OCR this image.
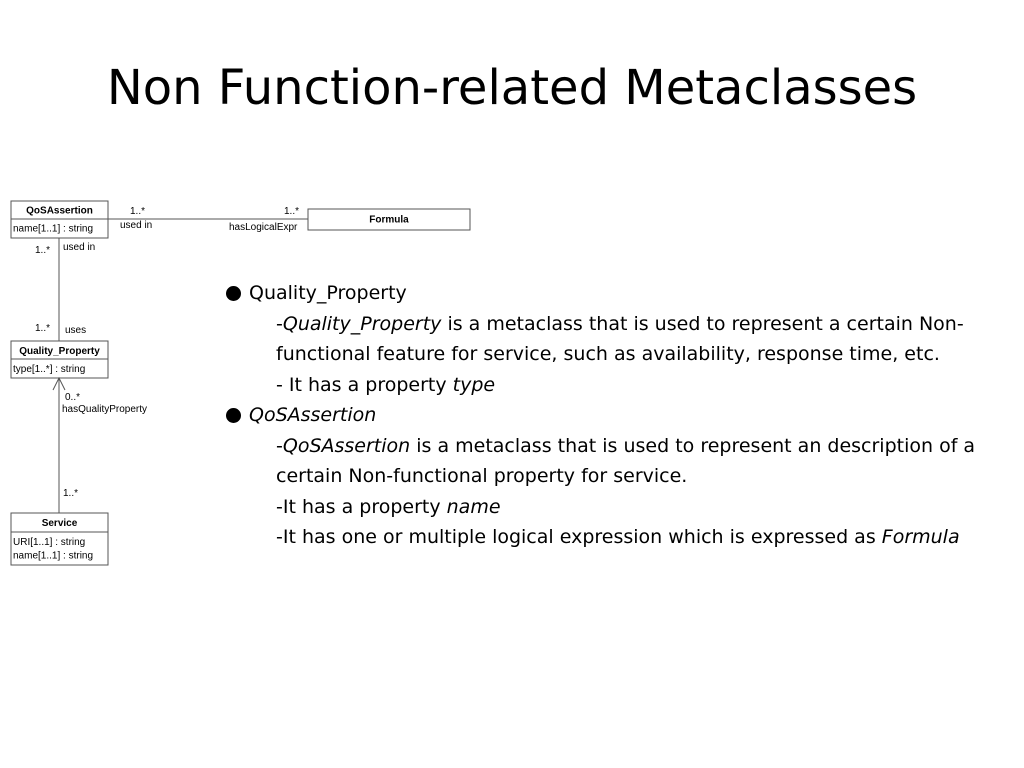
Non Function-related Metaclasses
QoSAssertion
name[1..1] : string
Formula
Quality_Property
type[1..*] : string
Service
URI[1..1] : string
name[1..1] : string
1..*
used in
1..*
hasLogicalExpr
1..* used in
1..* uses
0..*
hasQualityProperty
1..*
Quality_Property
-Quality_Property is a metaclass that is used to represent a certain Non-functional feature for service, such as availability, response time, etc.
- It has a property type
QoSAssertion
-QoSAssertion is a metaclass that is used to represent an description of a certain Non-functional property for service.
-It has a property name
-It has one or multiple logical expression which is expressed as Formula
